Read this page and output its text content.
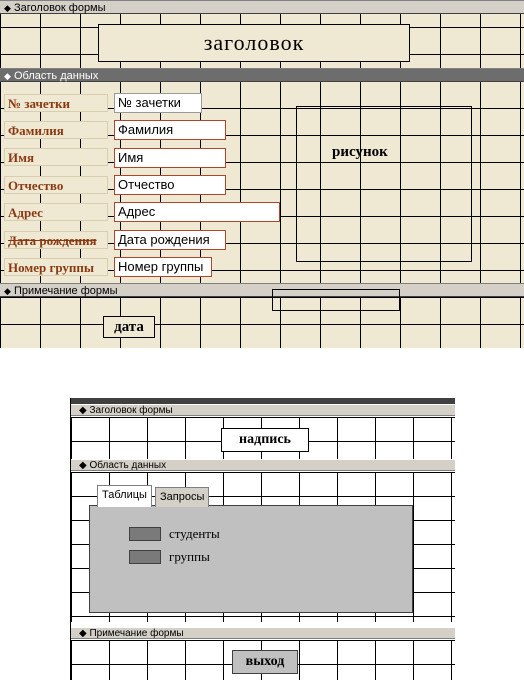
◆ Заголовок формы
заголовок
◆ Область данных
№ зачетки
Фамилия
Имя
Отчество
Адрес
Дата рождения
Номер группы
№ зачетки
Фамилия
Имя
Отчество
Адрес
Дата рождения
Номер группы
рисунок
◆ Примечание формы
дата
◆ Заголовок формы
надпись
◆ Область данных
Таблицы	Запросы
студенты
группы
◆ Примечание формы
выход
